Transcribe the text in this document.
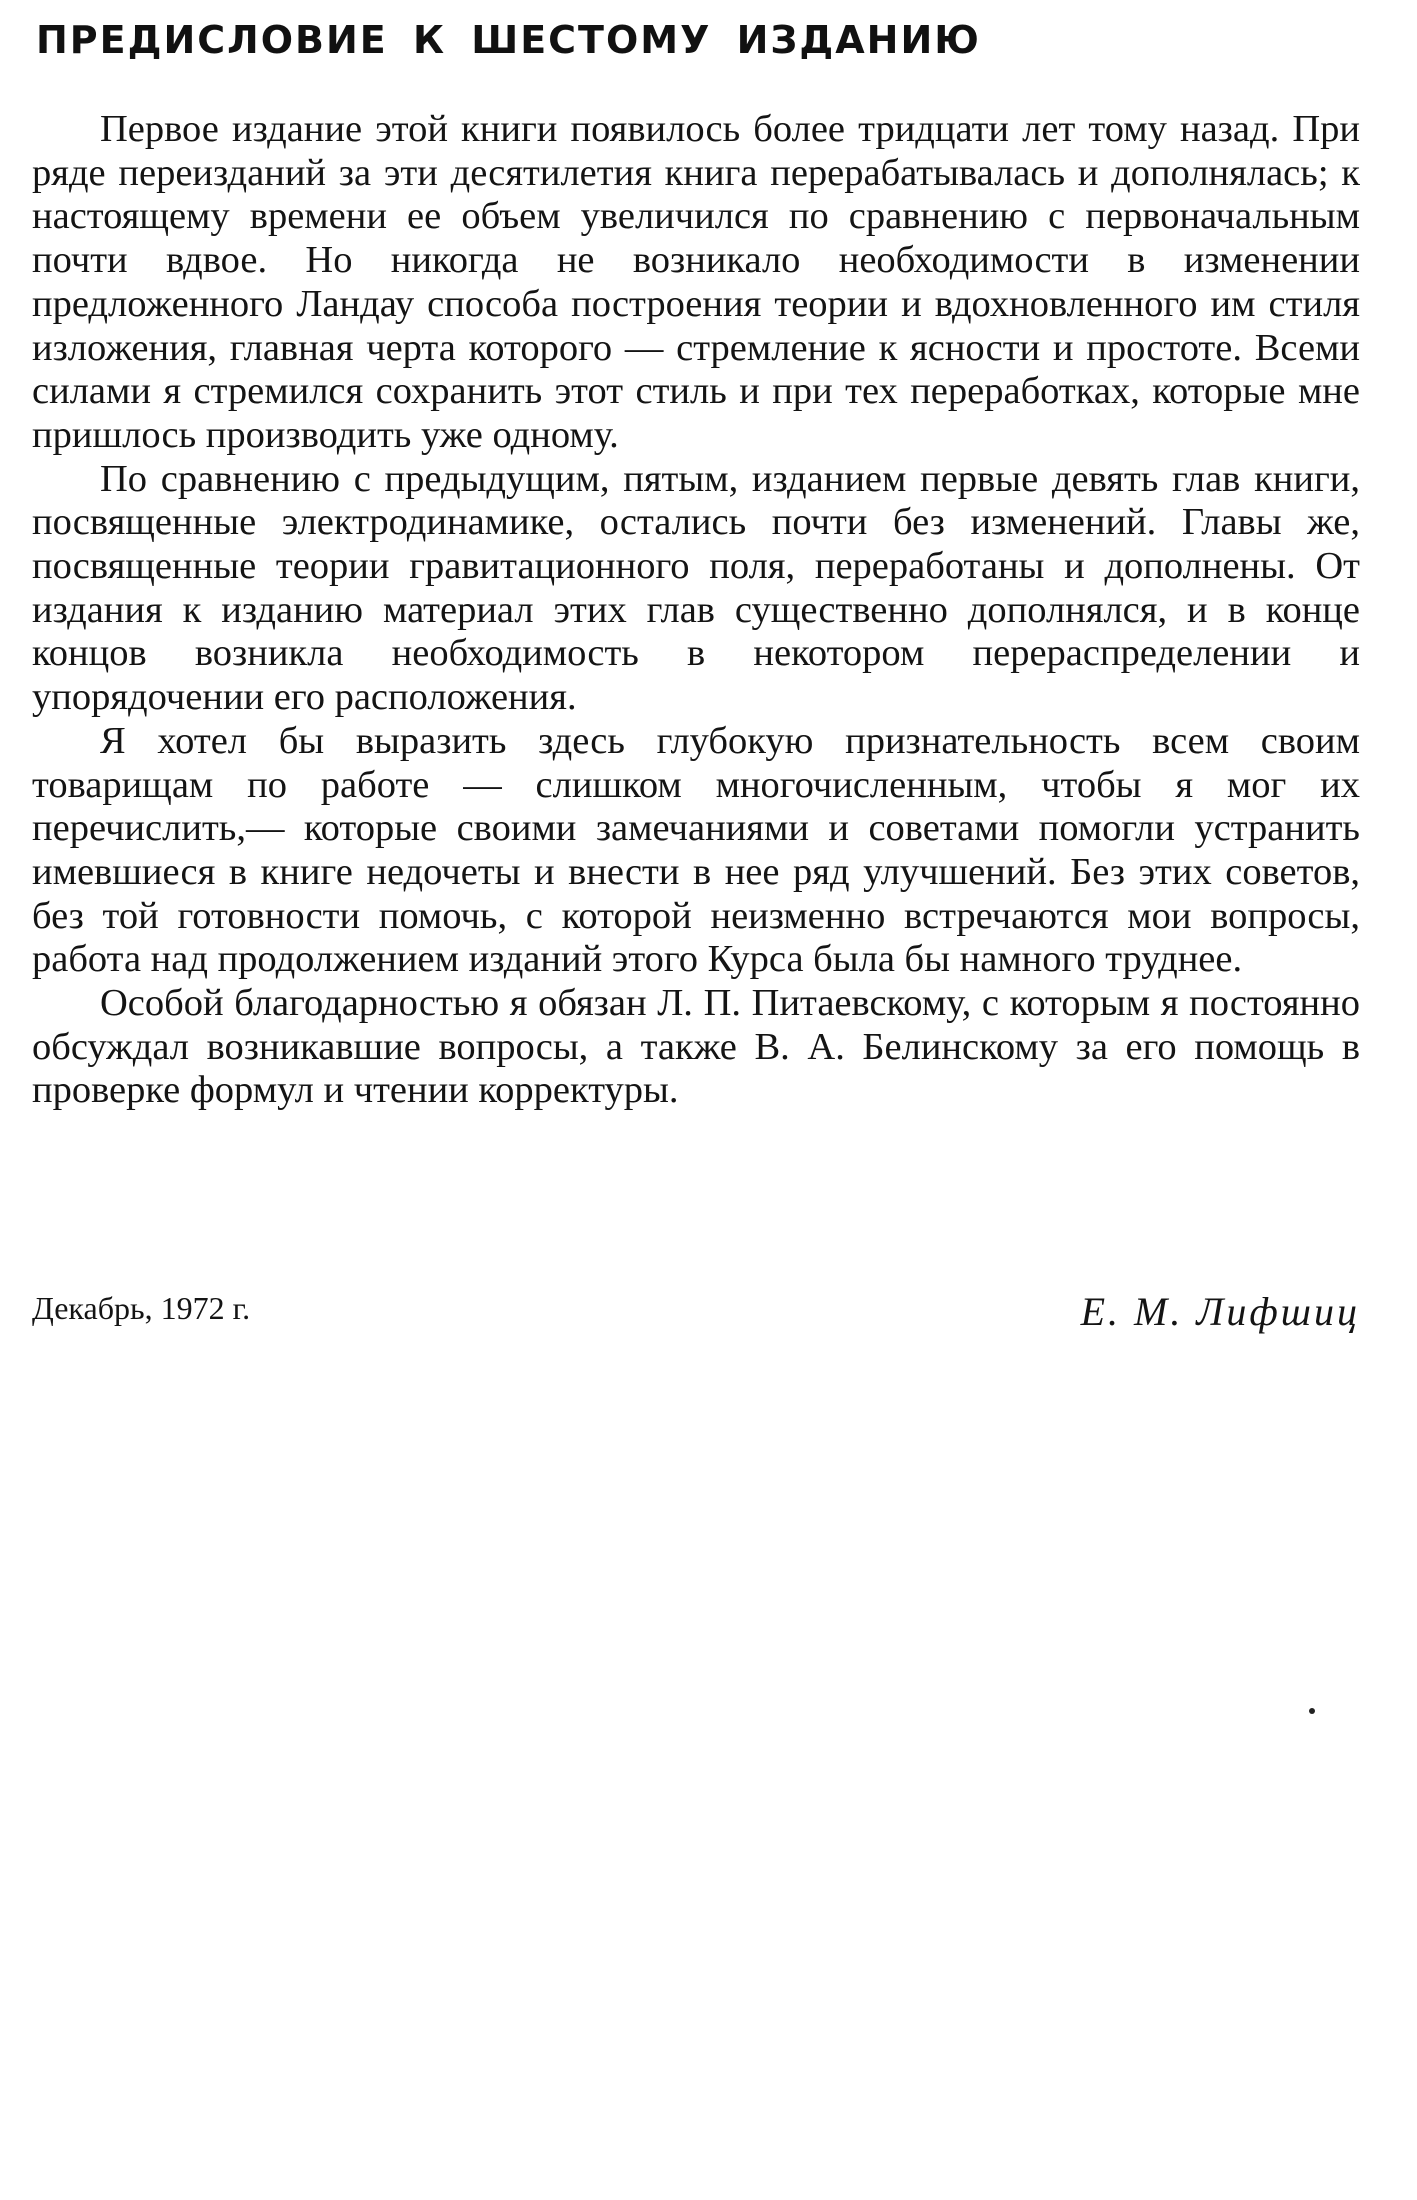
ПРЕДИСЛОВИЕ К ШЕСТОМУ ИЗДАНИЮ

Первое издание этой книги появилось более тридцати лет тому назад. При ряде переизданий за эти десятилетия книга перерабатывалась и дополнялась; к настоящему времени ее объем увеличился по сравнению с первоначальным почти вдвое. Но никогда не возникало необходимости в изменении предложенного Ландау способа построения теории и вдохновленного им стиля изложения, главная черта которого — стремление к ясности и простоте. Всеми силами я стремился сохранить этот стиль и при тех переработках, которые мне пришлось производить уже одному.

По сравнению с предыдущим, пятым, изданием первые девять глав книги, посвященные электродинамике, остались почти без изменений. Главы же, посвященные теории гравитационного поля, переработаны и дополнены. От издания к изданию материал этих глав существенно дополнялся, и в конце концов возникла необходимость в некотором перераспределении и упорядочении его расположения.

Я хотел бы выразить здесь глубокую признательность всем своим товарищам по работе — слишком многочисленным, чтобы я мог их перечислить,— которые своими замечаниями и советами помогли устранить имевшиеся в книге недочеты и внести в нее ряд улучшений. Без этих советов, без той готовности помочь, с которой неизменно встречаются мои вопросы, работа над продолжением изданий этого Курса была бы намного труднее.

Особой благодарностью я обязан Л. П. Питаевскому, с которым я постоянно обсуждал возникавшие вопросы, а также В. А. Белинскому за его помощь в проверке формул и чтении корректуры.

Декабрь, 1972 г.	Е. М. Лифшиц
